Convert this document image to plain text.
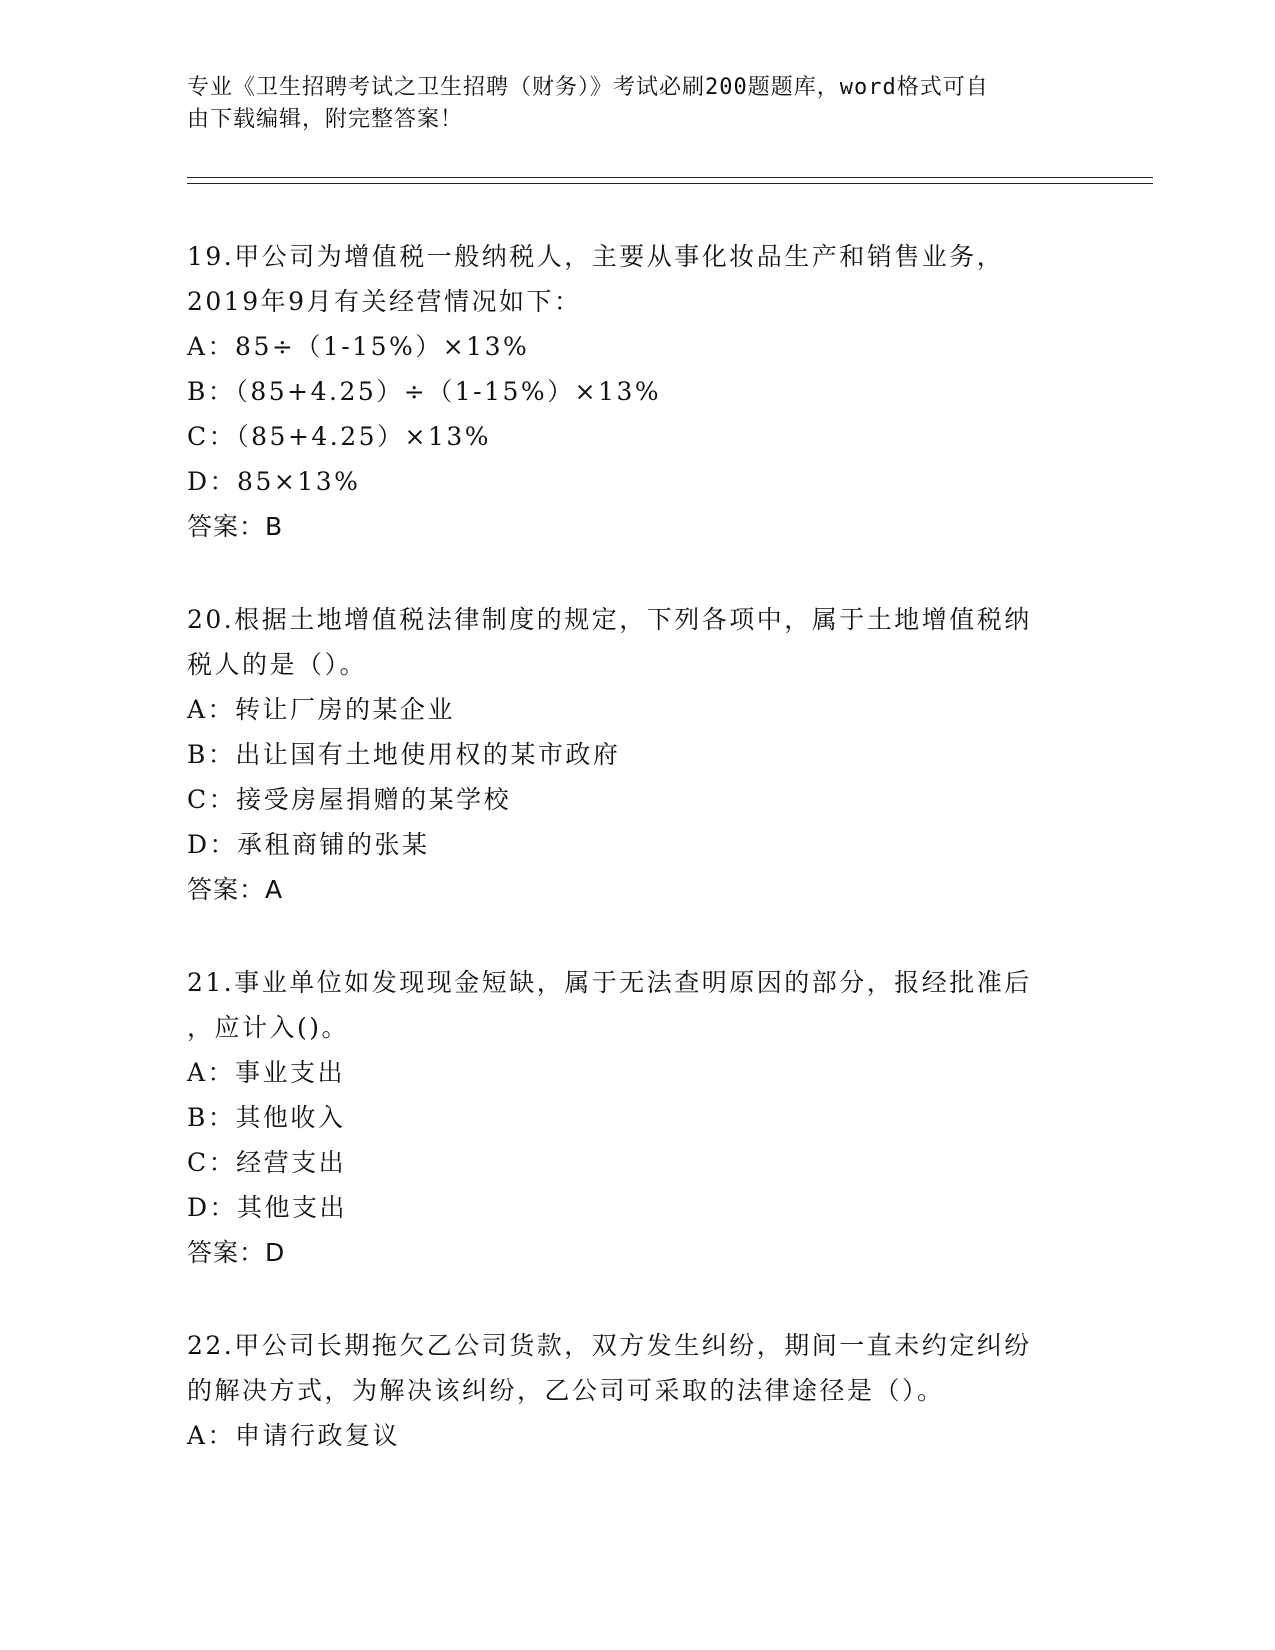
专业《卫生招聘考试之卫生招聘（财务）》考试必刷200题题库，word格式可自
由下载编辑，附完整答案！

19.甲公司为增值税一般纳税人，主要从事化妆品生产和销售业务，

2019年9月有关经营情况如下：

A：85÷（1-15%）×13%

B：（85+4.25）÷（1-15%）×13%

C：（85+4.25）×13%

D：85×13%

答案：B

20.根据土地增值税法律制度的规定，下列各项中，属于土地增值税纳

税人的是（）。

A：转让厂房的某企业

B：出让国有土地使用权的某市政府

C：接受房屋捐赠的某学校

D：承租商铺的张某

答案：A

21.事业单位如发现现金短缺，属于无法查明原因的部分，报经批准后

，应计入()。

A：事业支出

B：其他收入

C：经营支出

D：其他支出

答案：D

22.甲公司长期拖欠乙公司货款，双方发生纠纷，期间一直未约定纠纷

的解决方式，为解决该纠纷，乙公司可采取的法律途径是（）。

A：申请行政复议
